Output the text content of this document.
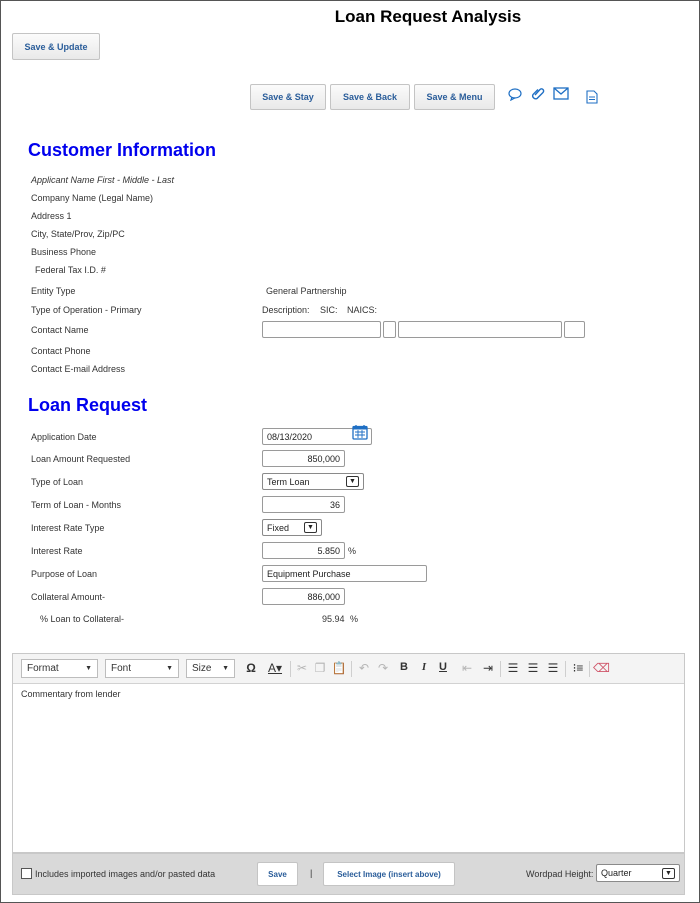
Loan Request Analysis
Save & Update
Save & Stay	Save & Back	Save & Menu
Customer Information
Applicant Name First - Middle - Last
Company Name (Legal Name)
Address 1
City, State/Prov, Zip/PC
Business Phone
Federal Tax I.D. #
Entity Type	General Partnership
Type of Operation - Primary	Description: SIC: NAICS:
Contact Name
Contact Phone
Contact E-mail Address
Loan Request
Application Date	08/13/2020
Loan Amount Requested	850,000
Type of Loan	Term Loan	▼
Term of Loan - Months	36
Interest Rate Type	Fixed	▼
Interest Rate	5.850 %
Purpose of Loan	Equipment Purchase
Collateral Amount-	886,000
% Loan to Collateral-	95.94 %
Format	▼ Font	▼ Size ▼ Ω	A▾	✂ ❐ 📋 ↶ ↷	B	I	U	⇤ ⇥ ☰ ☰ ☰ ⁝≡ ⌫
Commentary from lender
Includes imported images and/or pasted data	Save	|	Select Image (insert above)	Wordpad Height: Quarter	▼
